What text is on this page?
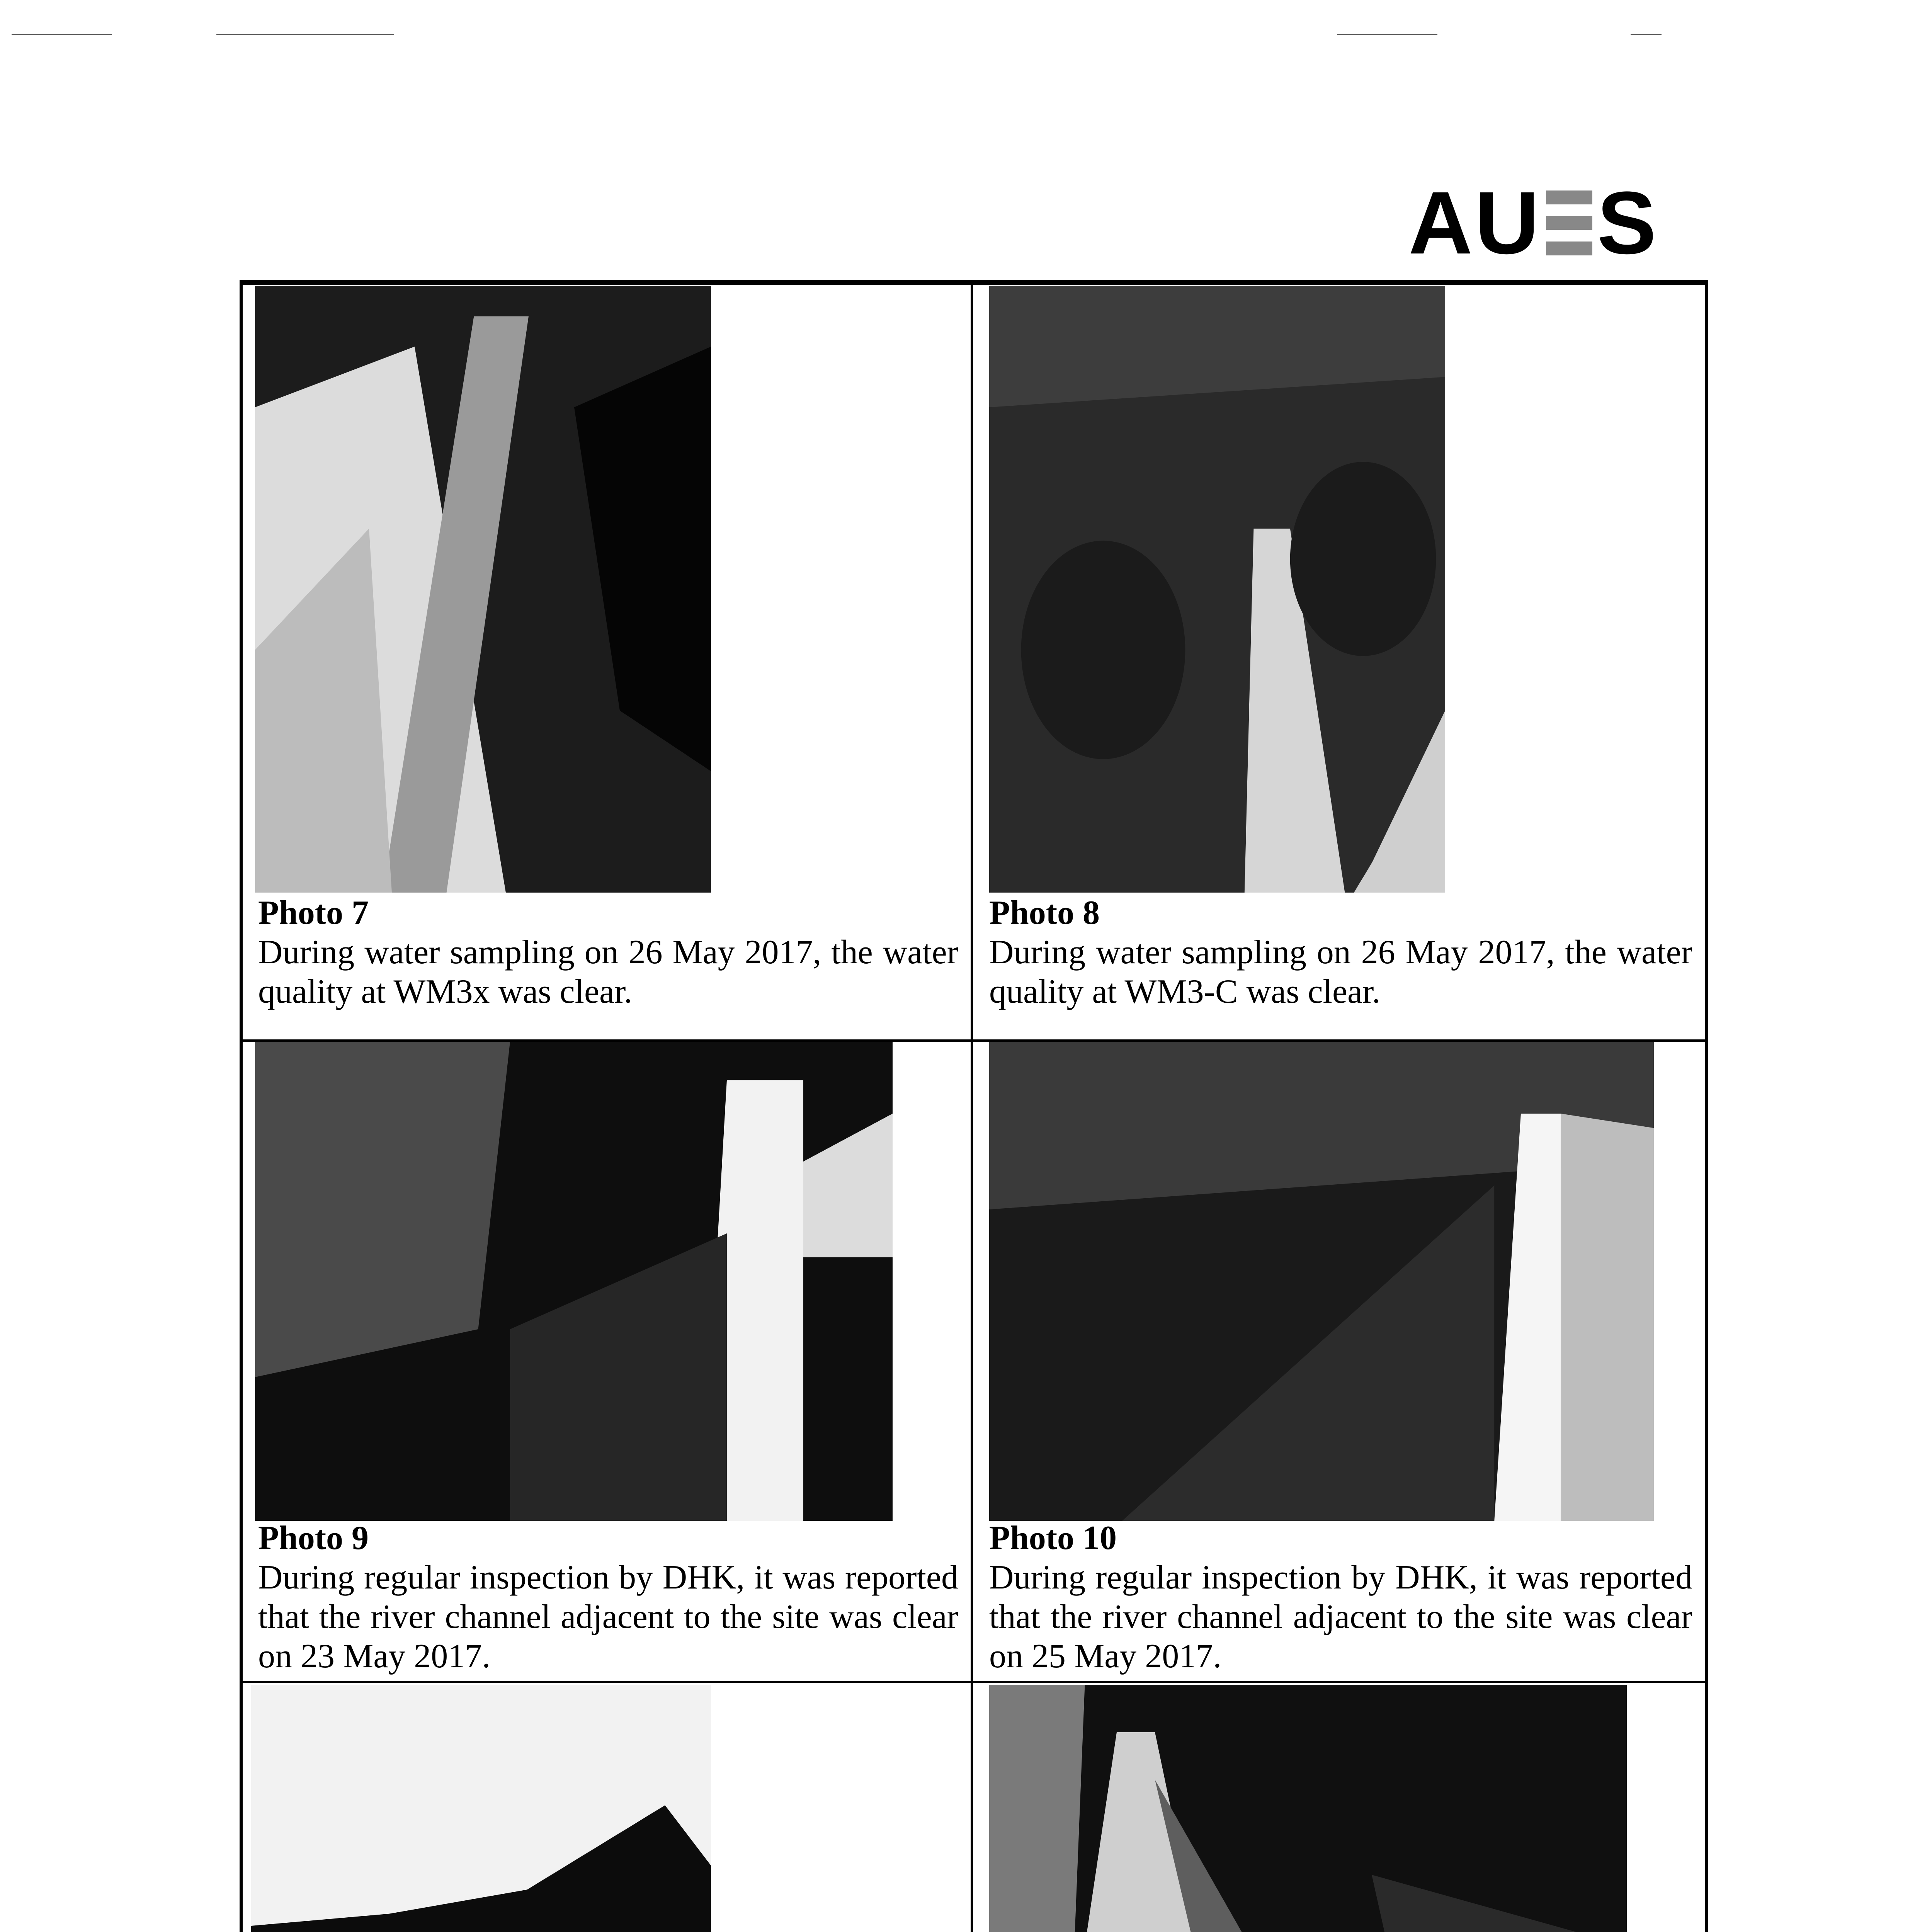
AU S
Photo 7
During water sampling on 26 May 2017, the water quality at WM3x was clear.
Photo 8
During water sampling on 26 May 2017, the water quality at WM3-C was clear.
Photo 9
During regular inspection by DHK, it was reported that the river channel adjacent to the site was clear on 23 May 2017.
Photo 10
During regular inspection by DHK, it was reported that the river channel adjacent to the site was clear on 25 May 2017.
